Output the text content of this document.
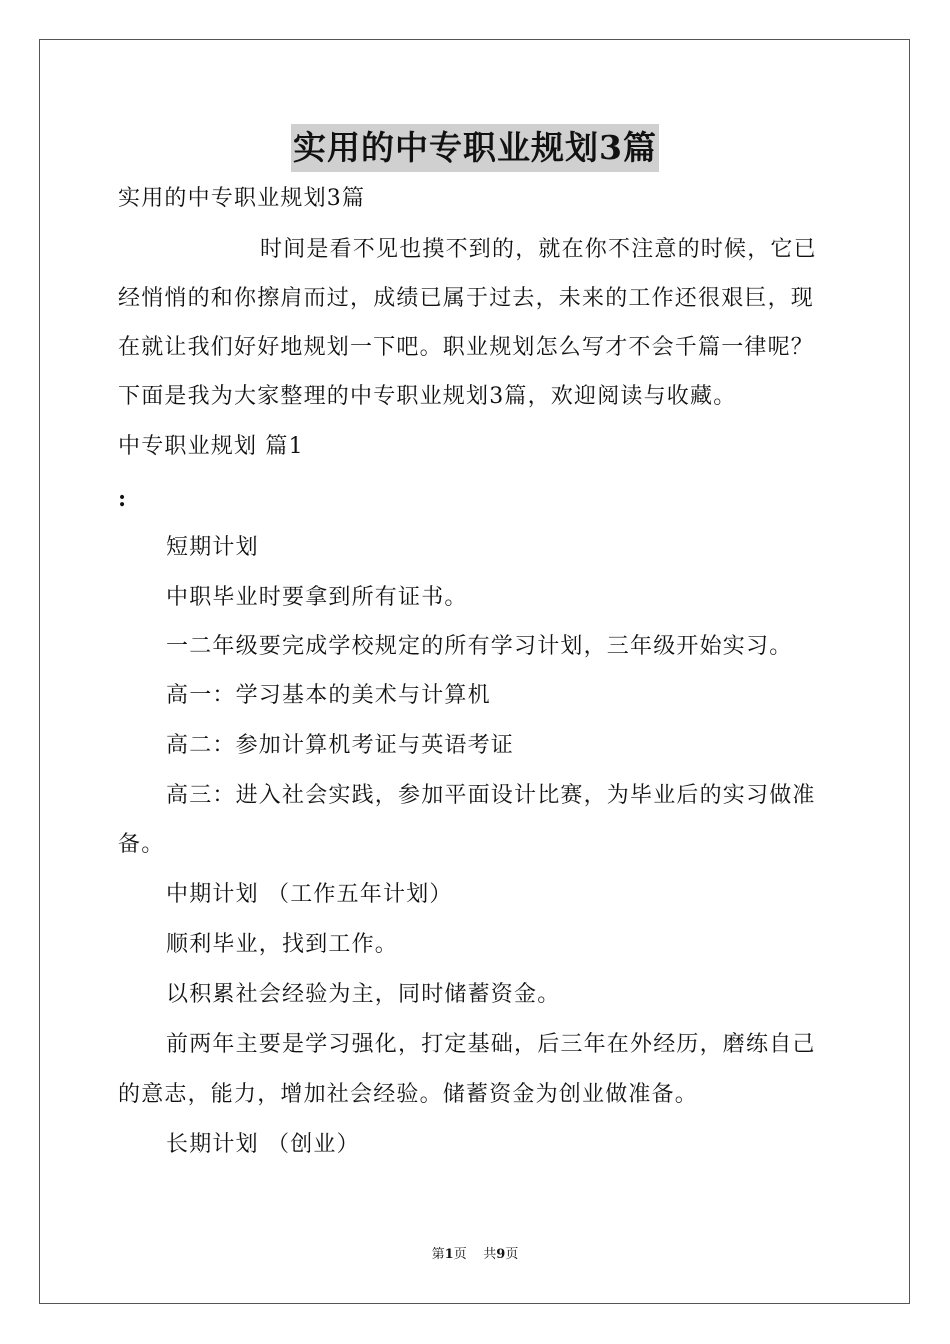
实用的中专职业规划3篇
实用的中专职业规划3篇
时间是看不见也摸不到的，就在你不注意的时候，它已
经悄悄的和你擦肩而过，成绩已属于过去，未来的工作还很艰巨，现
在就让我们好好地规划一下吧。职业规划怎么写才不会千篇一律呢？
下面是我为大家整理的中专职业规划3篇，欢迎阅读与收藏。
中专职业规划 篇1
:
短期计划
中职毕业时要拿到所有证书。
一二年级要完成学校规定的所有学习计划，三年级开始实习。
高一：学习基本的美术与计算机
高二：参加计算机考证与英语考证
高三：进入社会实践，参加平面设计比赛，为毕业后的实习做准
备。
中期计划 （工作五年计划）
顺利毕业，找到工作。
以积累社会经验为主，同时储蓄资金。
前两年主要是学习强化，打定基础，后三年在外经历，磨练自己
的意志，能力，增加社会经验。储蓄资金为创业做准备。
长期计划 （创业）
第1页 共9页
